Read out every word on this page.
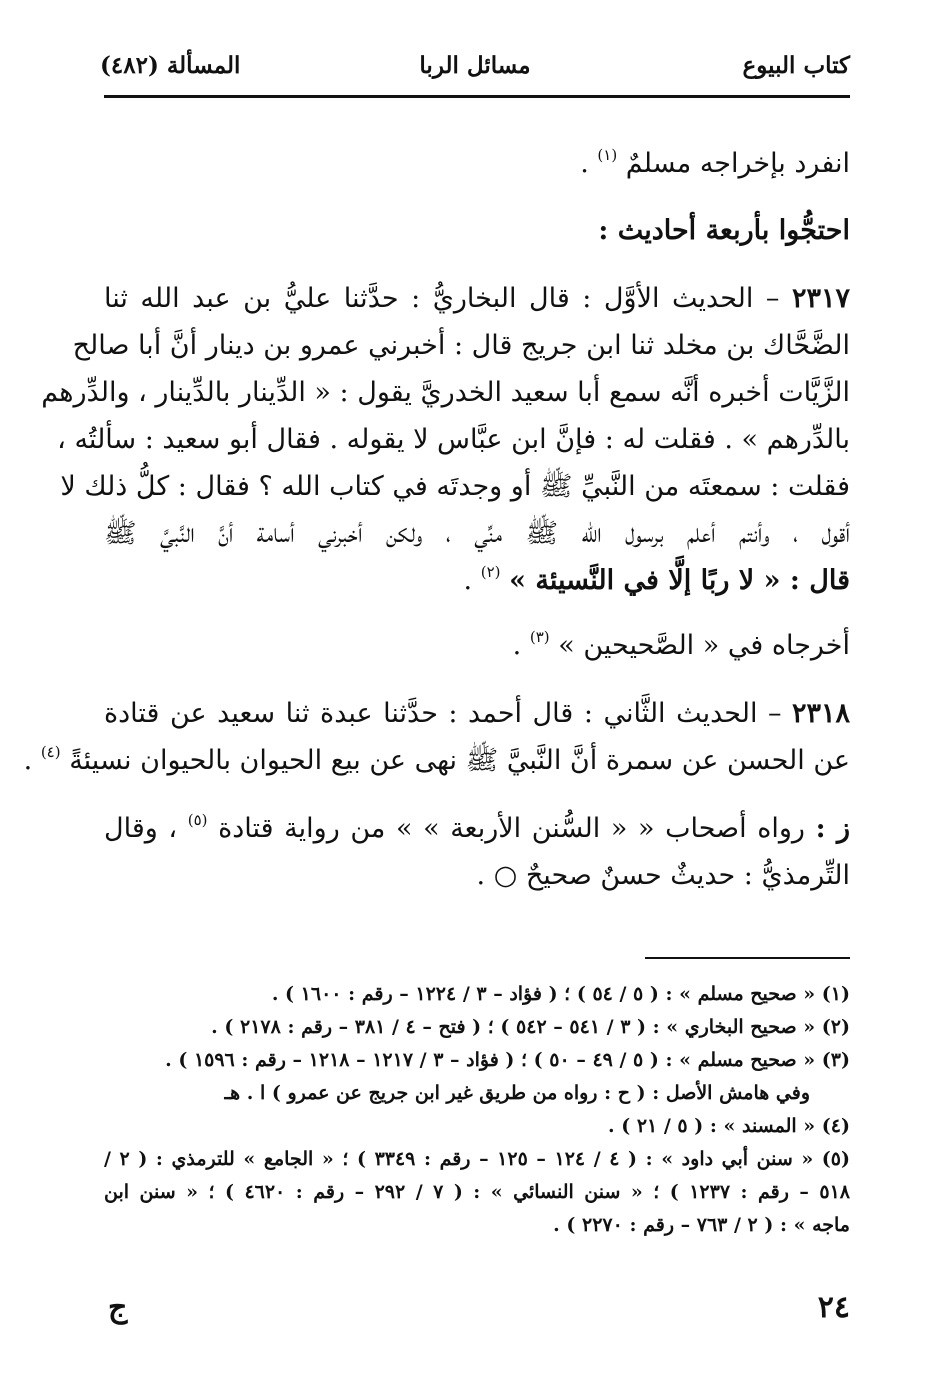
كتاب البيوع
مسائل الربا
المسألة (٤٨٢)
انفرد بإخراجه مسلمٌ $^{(١)}$ .
احتجُّوا بأربعة أحاديث :
٢٣١٧ – الحديث الأوَّل : قال البخاريُّ : حدَّثنا عليُّ بن عبد الله ثنا
الضَّحَّاك بن مخلد ثنا ابن جريج قال : أخبرني عمرو بن دينار أنَّ أبا صالح
الزَّيَّات أخبره أنَّه سمع أبا سعيد الخدريَّ يقول : « الدِّينار بالدِّينار ، والدِّرهم
بالدِّرهم » . فقلت له : فإنَّ ابن عبَّاس لا يقوله . فقال أبو سعيد : سألتُه ،
فقلت : سمعتَه من النَّبيِّ ﷺ أو وجدتَه في كتاب الله ؟ فقال : كلُّ ذلك لا
أقول ، وأنتم أعلم برسول الله ﷺ منِّي ، ولكن أخبرني أسامة أنَّ النَّبيَّ ﷺ
قال : « لا ربًا إلَّا في النَّسيئة » $^{(٢)}$ .
أخرجاه في « الصَّحيحين » $^{(٣)}$ .
٢٣١٨ – الحديث الثَّاني : قال أحمد : حدَّثنا عبدة ثنا سعيد عن قتادة
عن الحسن عن سمرة أنَّ النَّبيَّ ﷺ نهى عن بيع الحيوان بالحيوان نسيئةً $^{(٤)}$ .
ز : رواه أصحاب « « السُّنن الأربعة » » من رواية قتادة $^{(٥)}$ ، وقال
التِّرمذيُّ : حديثٌ حسنٌ صحيحٌ ○ .
(١) « صحيح مسلم » : ( ٥ / ٥٤ ) ؛ ( فؤاد – ٣ / ١٢٢٤ – رقم : ١٦٠٠ ) .
(٢) « صحيح البخاري » : ( ٣ / ٥٤١ – ٥٤٢ ) ؛ ( فتح – ٤ / ٣٨١ – رقم : ٢١٧٨ ) .
(٣) « صحيح مسلم » : ( ٥ / ٤٩ – ٥٠ ) ؛ ( فؤاد – ٣ / ١٢١٧ – ١٢١٨ – رقم : ١٥٩٦ ) .
وفي هامش الأصل : ( ح : رواه من طريق غير ابن جريج عن عمرو ) ا . هـ
(٤) « المسند » : ( ٥ / ٢١ ) .
(٥) « سنن أبي داود » : ( ٤ / ١٢٤ – ١٢٥ – رقم : ٣٣٤٩ ) ؛ « الجامع » للترمذي : ( ٢ /
٥١٨ – رقم : ١٢٣٧ ) ؛ « سنن النسائي » : ( ٧ / ٢٩٢ – رقم : ٤٦٢٠ ) ؛ « سنن ابن
ماجه » : ( ٢ / ٧٦٣ – رقم : ٢٢٧٠ ) .
٢٤
ج
